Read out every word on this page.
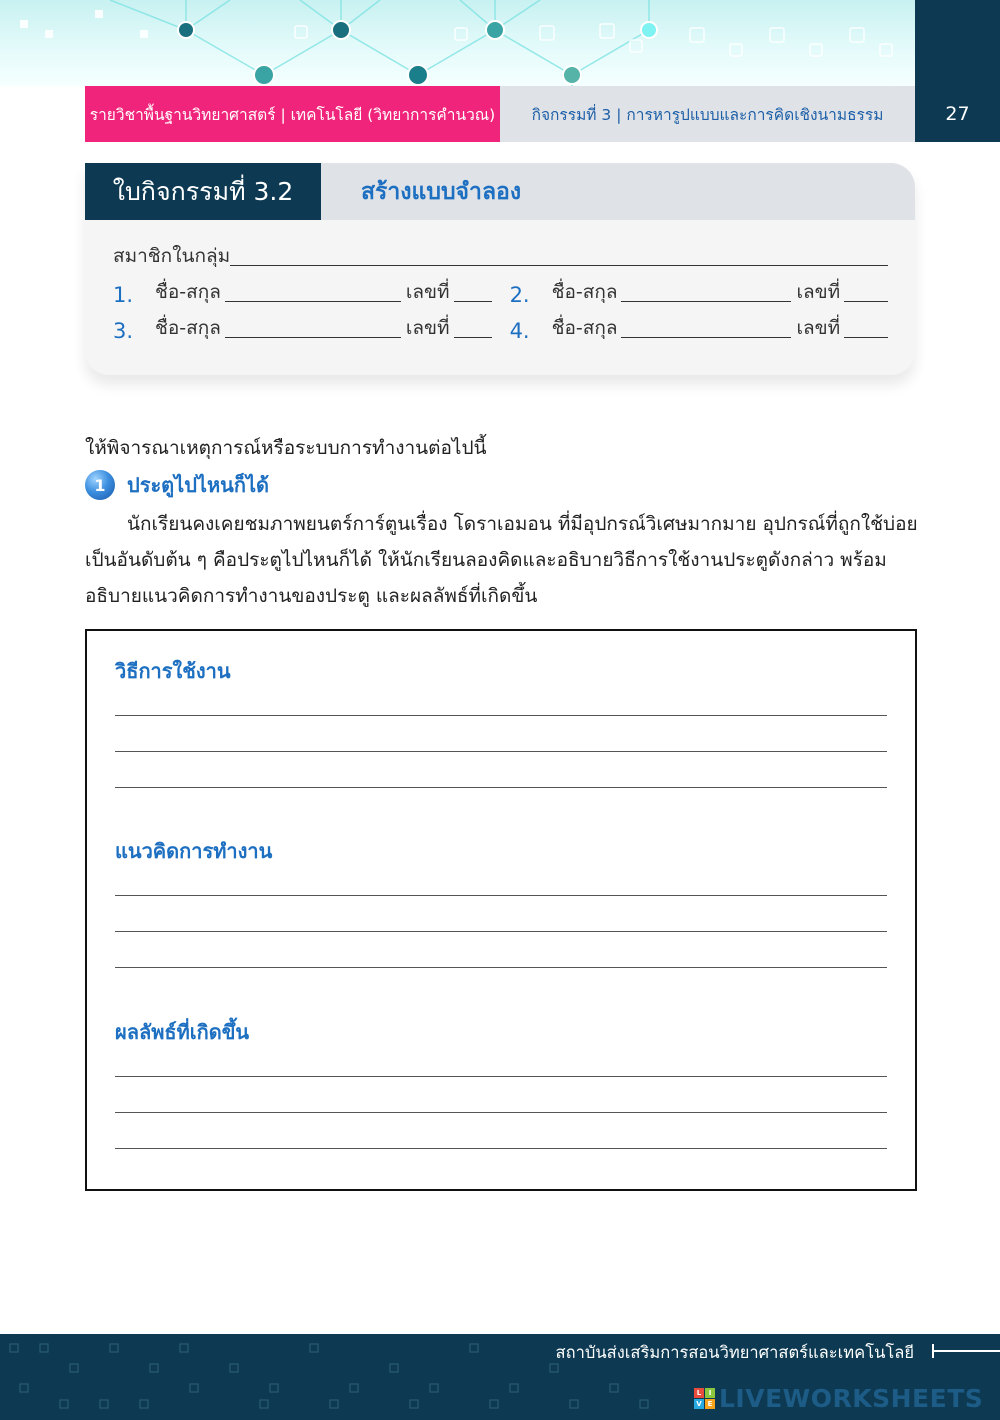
รายวิชาพื้นฐานวิทยาศาสตร์ | เทคโนโลยี (วิทยาการคำนวณ)	กิจกรรมที่ 3 | การหารูปแบบและการคิดเชิงนามธรรม	27
ใบกิจกรรมที่ 3.2	สร้างแบบจำลอง
สมาชิกในกลุ่ม
1.	ชื่อ-สกุล	เลขที่	2.	ชื่อ-สกุล	เลขที่
3.	ชื่อ-สกุล	เลขที่	4.	ชื่อ-สกุล	เลขที่
ให้พิจารณาเหตุการณ์หรือระบบการทำงานต่อไปนี้
1	ประตูไปไหนก็ได้
นักเรียนคงเคยชมภาพยนตร์การ์ตูนเรื่อง โดราเอมอน ที่มีอุปกรณ์วิเศษมากมาย อุปกรณ์ที่ถูกใช้บ่อย
เป็นอันดับต้น ๆ คือประตูไปไหนก็ได้ ให้นักเรียนลองคิดและอธิบายวิธีการใช้งานประตูดังกล่าว พร้อม
อธิบายแนวคิดการทำงานของประตู และผลลัพธ์ที่เกิดขึ้น
วิธีการใช้งาน
แนวคิดการทำงาน
ผลลัพธ์ที่เกิดขึ้น
สถาบันส่งเสริมการสอนวิทยาศาสตร์และเทคโนโลยี
L	I
V E LIVEWORKSHEETS
